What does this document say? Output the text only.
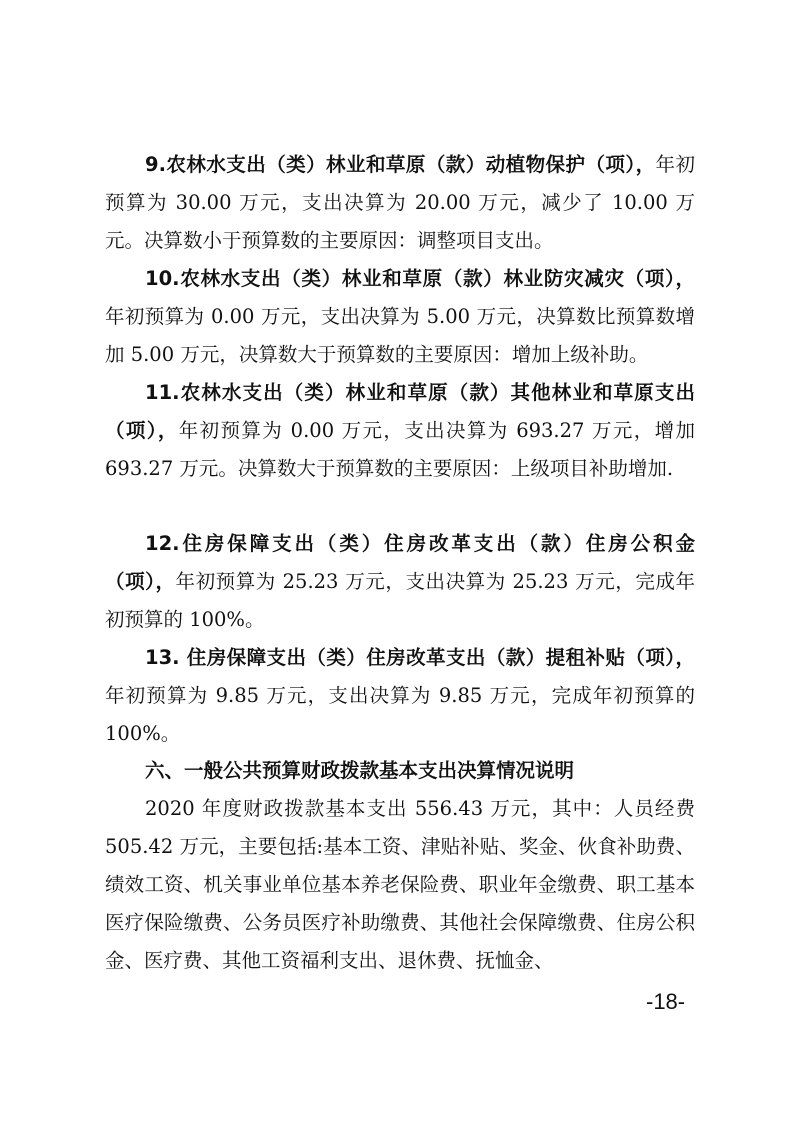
9.农林水支出（类）林业和草原（款）动植物保护（项），年初预算为 30.00 万元，支出决算为 20.00 万元，减少了 10.00 万元。决算数小于预算数的主要原因：调整项目支出。

10.农林水支出（类）林业和草原（款）林业防灾减灾（项），年初预算为 0.00 万元，支出决算为 5.00 万元，决算数比预算数增加 5.00 万元，决算数大于预算数的主要原因：增加上级补助。

11.农林水支出（类）林业和草原（款）其他林业和草原支出（项），年初预算为 0.00 万元，支出决算为 693.27 万元，增加 693.27 万元。决算数大于预算数的主要原因：上级项目补助增加.

12.住房保障支出（类）住房改革支出（款）住房公积金（项），年初预算为 25.23 万元，支出决算为 25.23 万元，完成年初预算的 100%。

13. 住房保障支出（类）住房改革支出（款）提租补贴（项），年初预算为 9.85 万元，支出决算为 9.85 万元，完成年初预算的 100%。

六、一般公共预算财政拨款基本支出决算情况说明

2020 年度财政拨款基本支出 556.43 万元，其中：人员经费 505.42 万元，主要包括:基本工资、津贴补贴、奖金、伙食补助费、绩效工资、机关事业单位基本养老保险费、职业年金缴费、职工基本医疗保险缴费、公务员医疗补助缴费、其他社会保障缴费、住房公积金、医疗费、其他工资福利支出、退休费、抚恤金、

-18-
